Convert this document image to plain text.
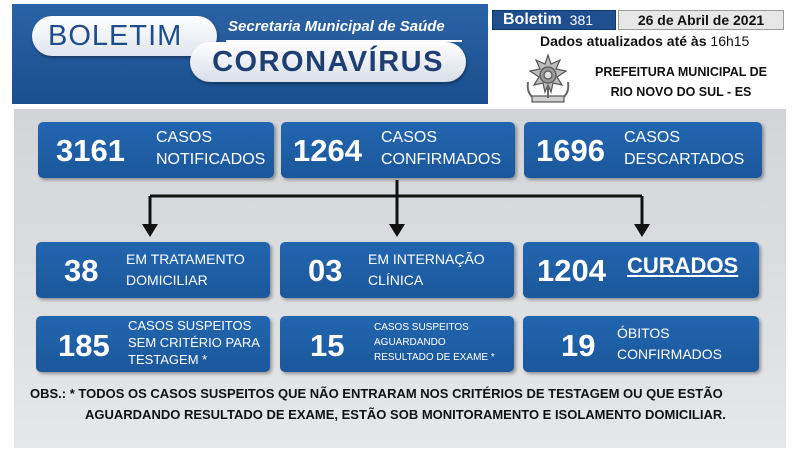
BOLETIM	Secretaria Municipal de Saúde
CORONAVÍRUS
Boletim 381	26 de Abril de 2021
Dados atualizados até às 16h15
PREFEITURA MUNICIPAL DE
RIO NOVO DO SUL - ES
3161 CASOS
NOTIFICADOS 1264 CASOS
CONFIRMADOS 1696 CASOS
DESCARTADOS
38 EM TRATAMENTO
DOMICILIAR	03 EM INTERNAÇÃO
CLÍNICA	1204 CURADOS
185
CASOS SUSPEITOS
SEM CRITÉRIO PARA
TESTAGEM *	15
CASOS SUSPEITOS
AGUARDANDO
RESULTADO DE EXAME * 19 ÓBITOS
CONFIRMADOS
OBS.: * TODOS OS CASOS SUSPEITOS QUE NÃO ENTRARAM NOS CRITÉRIOS DE TESTAGEM OU QUE ESTÃO
AGUARDANDO RESULTADO DE EXAME, ESTÃO SOB MONITORAMENTO E ISOLAMENTO DOMICILIAR.
